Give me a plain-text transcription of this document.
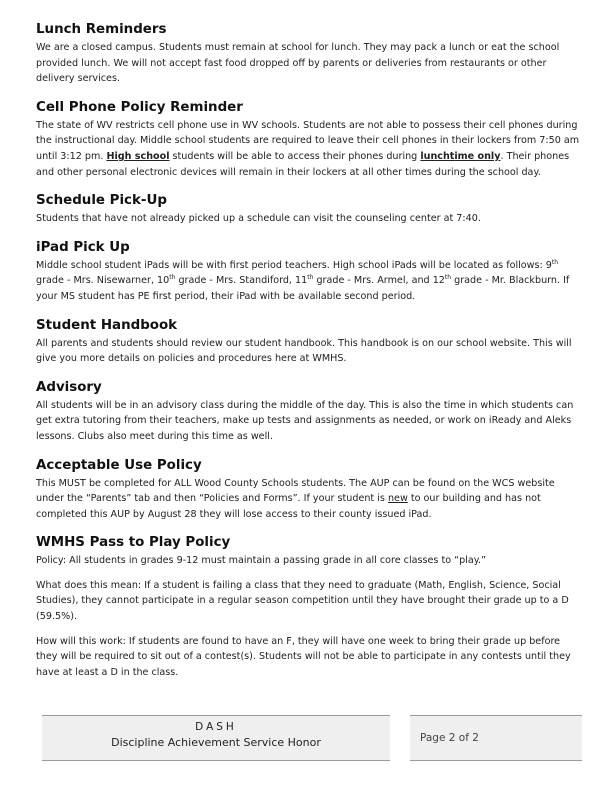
Lunch Reminders

We are a closed campus. Students must remain at school for lunch. They may pack a lunch or eat the school provided lunch. We will not accept fast food dropped off by parents or deliveries from restaurants or other delivery services.

Cell Phone Policy Reminder

The state of WV restricts cell phone use in WV schools. Students are not able to possess their cell phones during the instructional day. Middle school students are required to leave their cell phones in their lockers from 7:50 am until 3:12 pm. High school students will be able to access their phones during lunchtime only. Their phones and other personal electronic devices will remain in their lockers at all other times during the school day.

Schedule Pick-Up

Students that have not already picked up a schedule can visit the counseling center at 7:40.

iPad Pick Up

Middle school student iPads will be with first period teachers. High school iPads will be located as follows: 9th grade - Mrs. Nisewarner, 10th grade - Mrs. Standiford, 11th grade - Mrs. Armel, and 12th grade - Mr. Blackburn. If your MS student has PE first period, their iPad with be available second period.

Student Handbook

All parents and students should review our student handbook. This handbook is on our school website. This will give you more details on policies and procedures here at WMHS.

Advisory

All students will be in an advisory class during the middle of the day. This is also the time in which students can get extra tutoring from their teachers, make up tests and assignments as needed, or work on iReady and Aleks lessons. Clubs also meet during this time as well.

Acceptable Use Policy

This MUST be completed for ALL Wood County Schools students. The AUP can be found on the WCS website under the “Parents” tab and then “Policies and Forms”. If your student is new to our building and has not completed this AUP by August 28 they will lose access to their county issued iPad.

WMHS Pass to Play Policy

Policy: All students in grades 9-12 must maintain a passing grade in all core classes to “play.”

What does this mean: If a student is failing a class that they need to graduate (Math, English, Science, Social Studies), they cannot participate in a regular season competition until they have brought their grade up to a D (59.5%).

How will this work: If students are found to have an F, they will have one week to bring their grade up before they will be required to sit out of a contest(s). Students will not be able to participate in any contests until they have at least a D in the class.

DASH
Discipline Achievement Service Honor	Page 2 of 2
